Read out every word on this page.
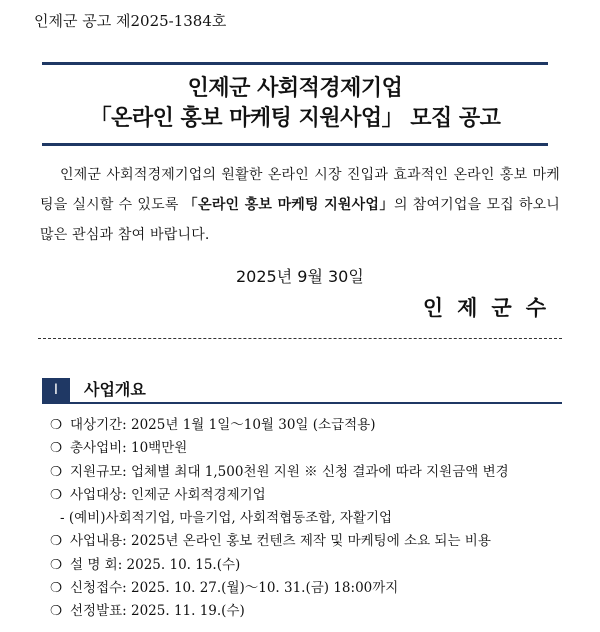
인제군 공고 제2025-1384호
인제군 사회적경제기업
「온라인 홍보 마케팅 지원사업」 모집 공고
인제군 사회적경제기업의 원활한 온라인 시장 진입과 효과적인 온라인 홍보 마케팅을 실시할 수 있도록 「온라인 홍보 마케팅 지원사업」의 참여기업을 모집 하오니 많은 관심과 참여 바랍니다.
2025년 9월 30일
인제군수
Ⅰ	사업개요
❍ 대상기간: 2025년 1월 1일～10월 30일 (소급적용)
❍ 총사업비: 10백만원
❍ 지원규모: 업체별 최대 1,500천원 지원 ※ 신청 결과에 따라 지원금액 변경
❍ 사업대상: 인제군 사회적경제기업
- (예비)사회적기업, 마을기업, 사회적협동조합, 자활기업
❍ 사업내용: 2025년 온라인 홍보 컨텐츠 제작 및 마케팅에 소요 되는 비용
❍ 설 명 회: 2025. 10. 15.(수)
❍ 신청접수: 2025. 10. 27.(월)～10. 31.(금) 18:00까지
❍ 선정발표: 2025. 11. 19.(수)
